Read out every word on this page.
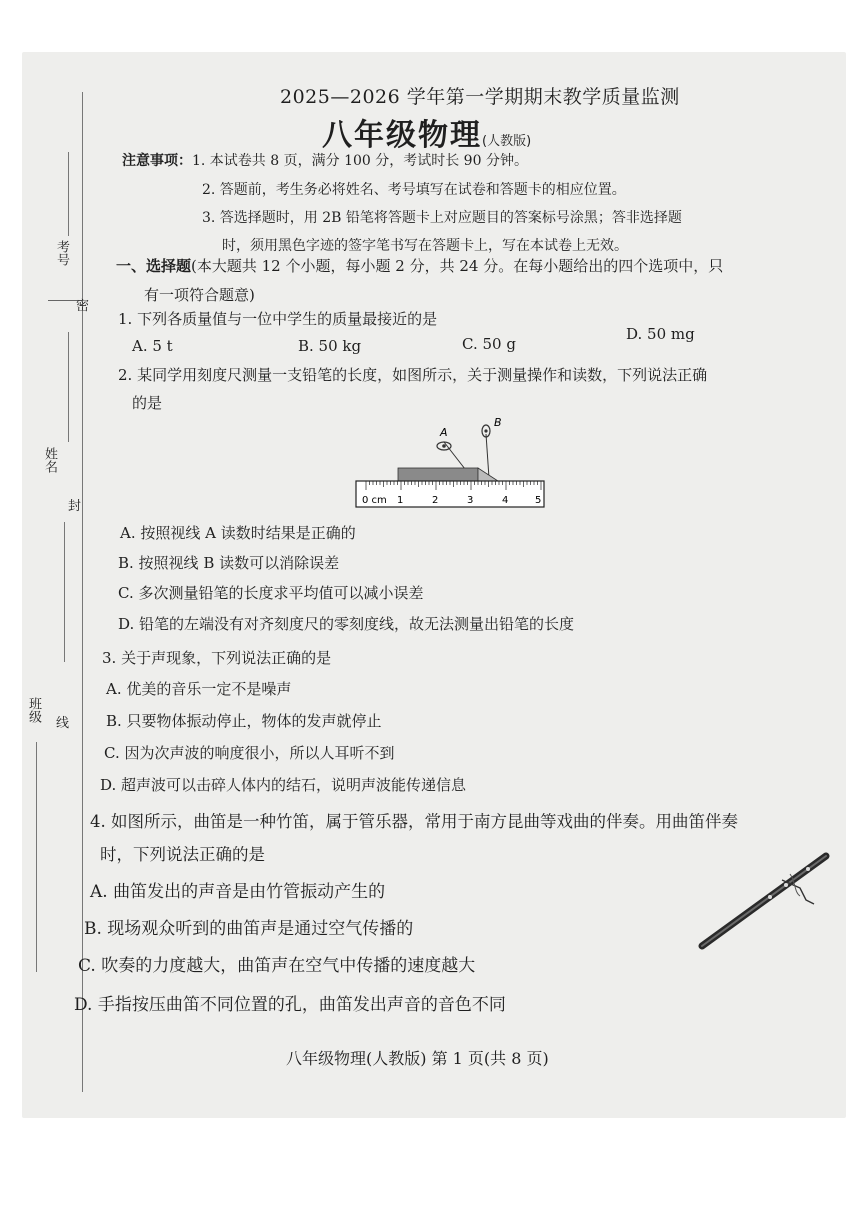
考号
密
姓名
封
班级
线
2025—2026 学年第一学期期末教学质量监测
八年级物理(人教版)
注意事项：1. 本试卷共 8 页，满分 100 分，考试时长 90 分钟。
2. 答题前，考生务必将姓名、考号填写在试卷和答题卡的相应位置。
3. 答选择题时，用 2B 铅笔将答题卡上对应题目的答案标号涂黑；答非选择题
时，须用黑色字迹的签字笔书写在答题卡上，写在本试卷上无效。
一、选择题(本大题共 12 个小题，每小题 2 分，共 24 分。在每小题给出的四个选项中，只
有一项符合题意)
1. 下列各质量值与一位中学生的质量最接近的是
A. 5 t	B. 50 kg	C. 50 g
D. 50 mg
2. 某同学用刻度尺测量一支铅笔的长度，如图所示，关于测量操作和读数，下列说法正确
的是
A
B
0 cm 1	2	3	4	5
A. 按照视线 A 读数时结果是正确的
B. 按照视线 B 读数可以消除误差
C. 多次测量铅笔的长度求平均值可以减小误差
D. 铅笔的左端没有对齐刻度尺的零刻度线，故无法测量出铅笔的长度
3. 关于声现象，下列说法正确的是
A. 优美的音乐一定不是噪声
B. 只要物体振动停止，物体的发声就停止
C. 因为次声波的响度很小，所以人耳听不到
D. 超声波可以击碎人体内的结石，说明声波能传递信息
4. 如图所示，曲笛是一种竹笛，属于管乐器，常用于南方昆曲等戏曲的伴奏。用曲笛伴奏
时，下列说法正确的是
A. 曲笛发出的声音是由竹管振动产生的
B. 现场观众听到的曲笛声是通过空气传播的
C. 吹奏的力度越大，曲笛声在空气中传播的速度越大
D. 手指按压曲笛不同位置的孔，曲笛发出声音的音色不同
八年级物理(人教版) 第 1 页(共 8 页)
